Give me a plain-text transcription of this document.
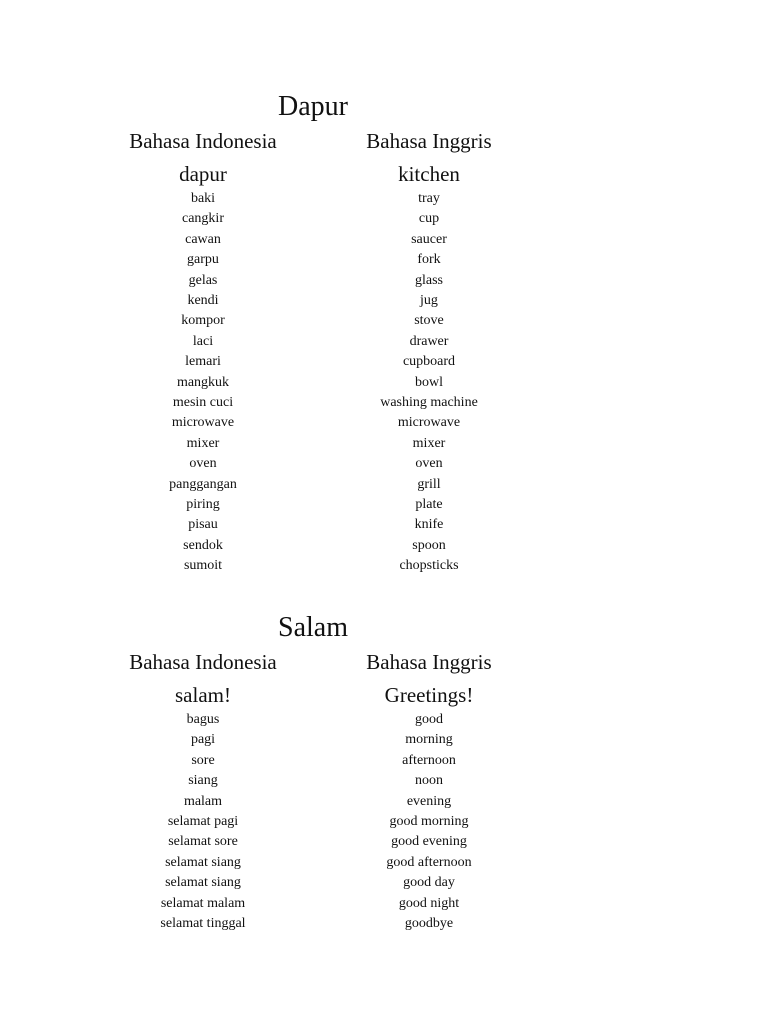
Dapur
Bahasa Indonesia	Bahasa Inggris
dapur	kitchen
baki	tray
cangkir	cup
cawan	saucer
garpu	fork
gelas	glass
kendi	jug
kompor	stove
laci	drawer
lemari	cupboard
mangkuk	bowl
mesin cuci	washing machine
microwave	microwave
mixer	mixer
oven	oven
panggangan	grill
piring	plate
pisau	knife
sendok	spoon
sumoit	chopsticks
Salam
Bahasa Indonesia	Bahasa Inggris
salam!	Greetings!
bagus	good
pagi	morning
sore	afternoon
siang	noon
malam	evening
selamat pagi	good morning
selamat sore	good evening
selamat siang	good afternoon
selamat siang	good day
selamat malam	good night
selamat tinggal	goodbye
